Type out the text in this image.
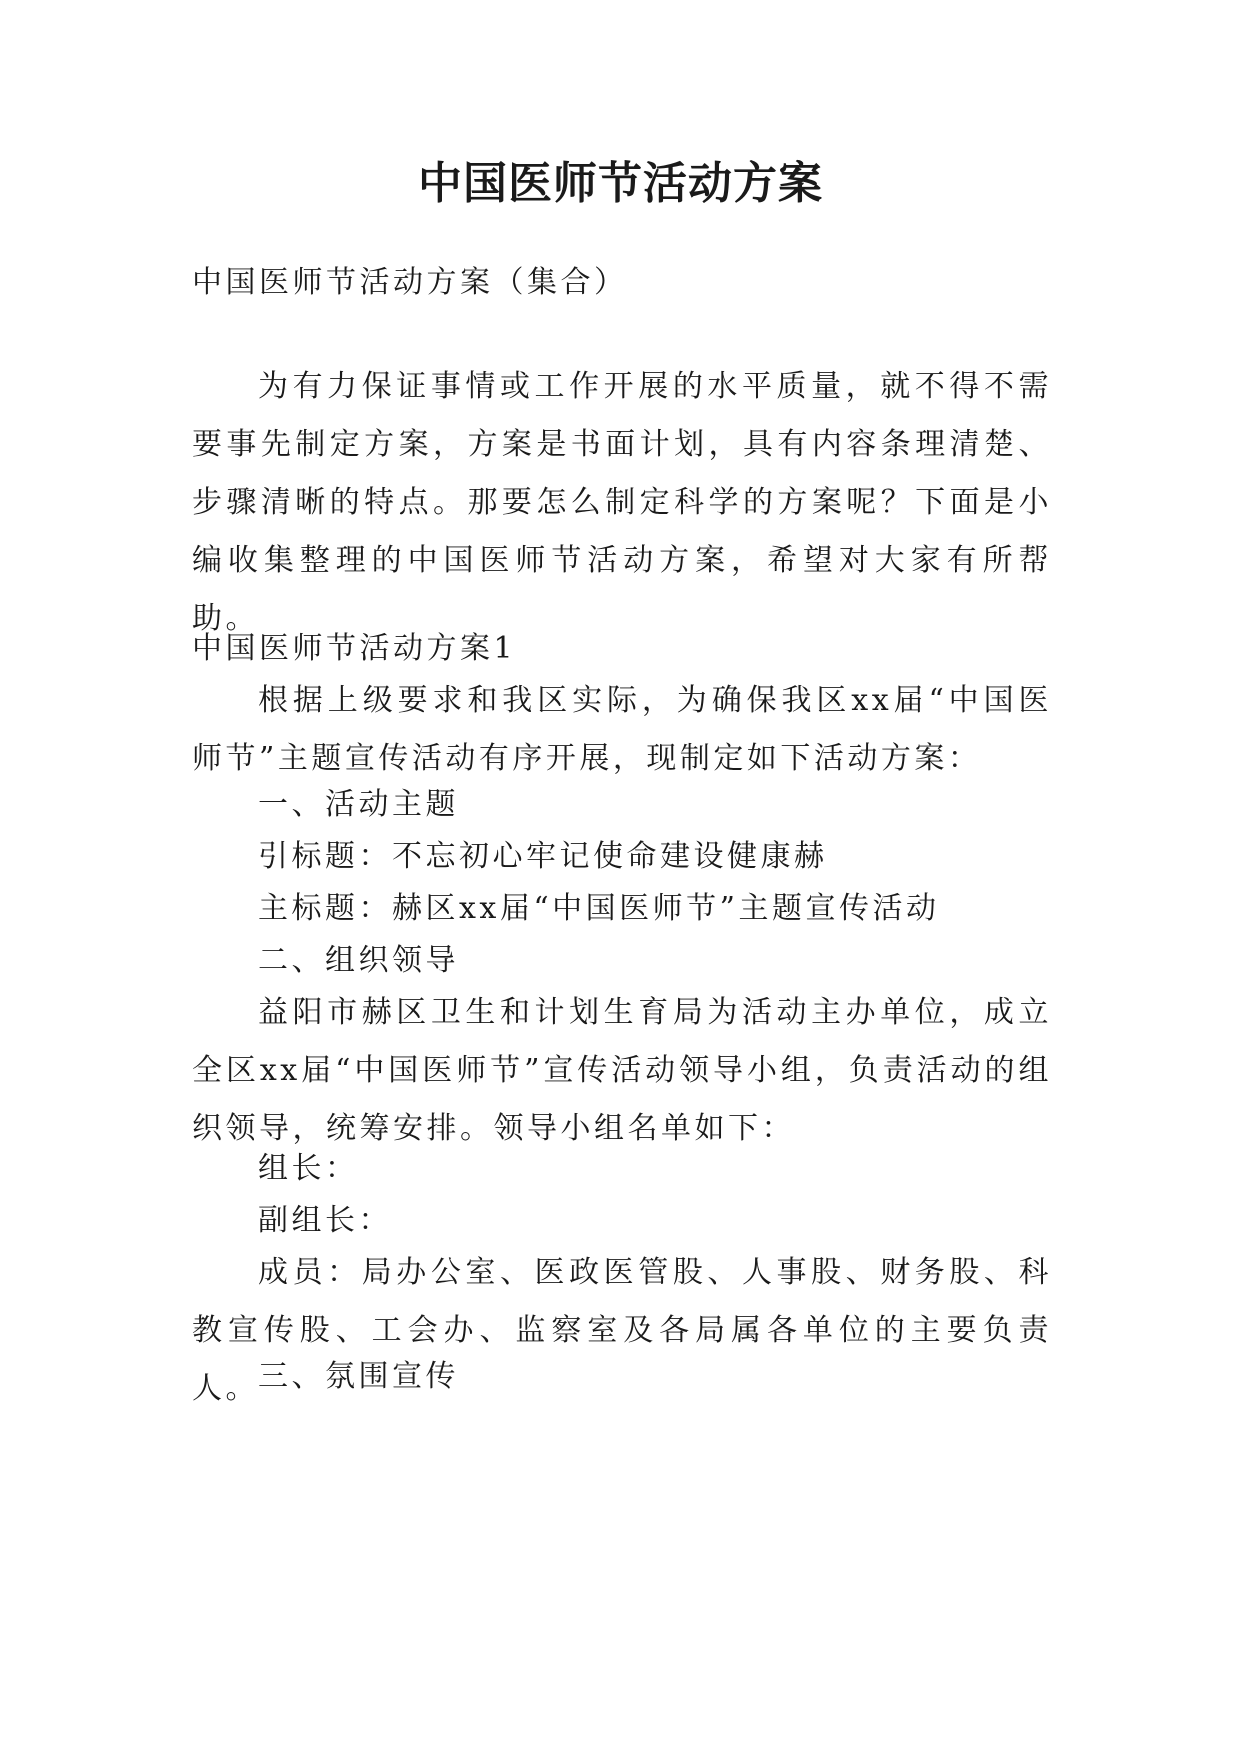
中国医师节活动方案

中国医师节活动方案（集合）

为有力保证事情或工作开展的水平质量，就不得不需要事先制定方案，方案是书面计划，具有内容条理清楚、步骤清晰的特点。那要怎么制定科学的方案呢？下面是小编收集整理的中国医师节活动方案，希望对大家有所帮助。

中国医师节活动方案1

根据上级要求和我区实际，为确保我区xx届“中国医师节”主题宣传活动有序开展，现制定如下活动方案：

一、活动主题

引标题：不忘初心牢记使命建设健康赫

主标题：赫区xx届“中国医师节”主题宣传活动

二、组织领导

益阳市赫区卫生和计划生育局为活动主办单位，成立全区xx届“中国医师节”宣传活动领导小组，负责活动的组织领导，统筹安排。领导小组名单如下：

组长：

副组长：

成员：局办公室、医政医管股、人事股、财务股、科教宣传股、工会办、监察室及各局属各单位的主要负责人。 三、氛围宣传
